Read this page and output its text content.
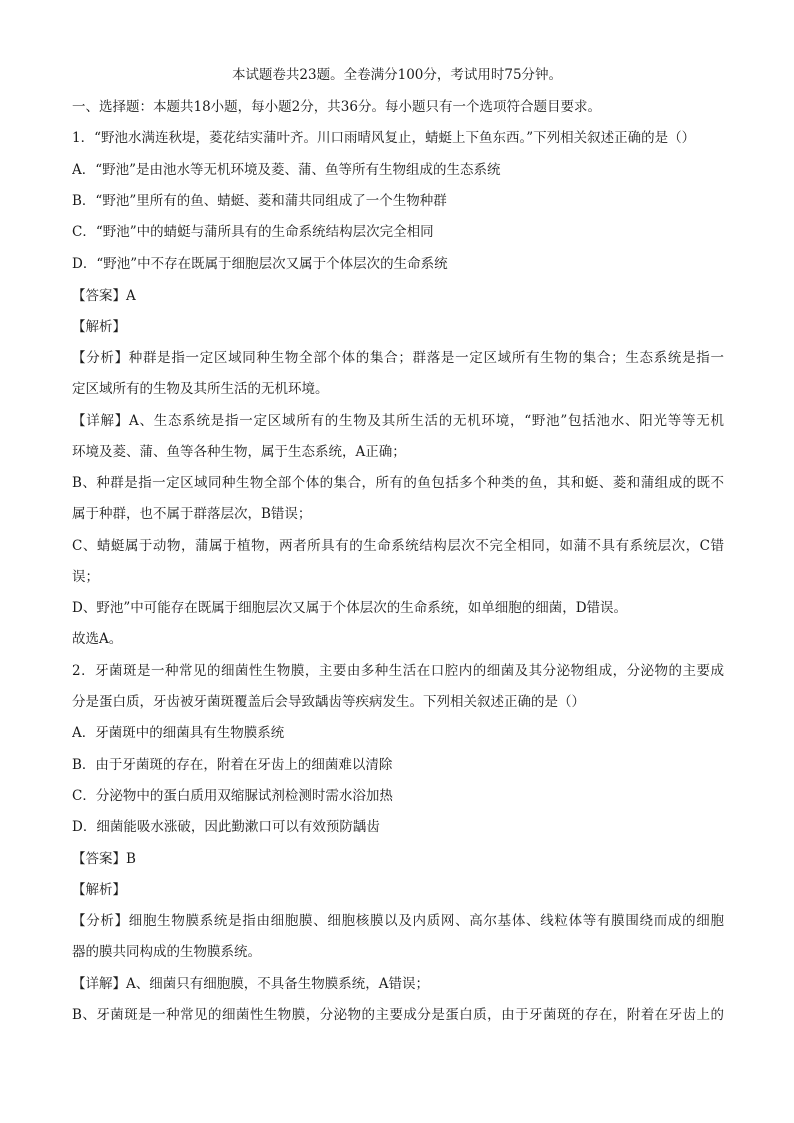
本试题卷共23题。全卷满分100分，考试用时75分钟。
一、选择题：本题共18小题，每小题2分，共36分。每小题只有一个选项符合题目要求。
1．“野池水满连秋堤，菱花结实蒲叶齐。川口雨晴风复止，蜻蜓上下鱼东西。”下列相关叙述正确的是（）
A．“野池”是由池水等无机环境及菱、蒲、鱼等所有生物组成的生态系统
B．“野池”里所有的鱼、蜻蜓、菱和蒲共同组成了一个生物种群
C．“野池”中的蜻蜓与蒲所具有的生命系统结构层次完全相同
D．“野池”中不存在既属于细胞层次又属于个体层次的生命系统
【答案】A
【解析】
【分析】种群是指一定区域同种生物全部个体的集合；群落是一定区域所有生物的集合；生态系统是指一
定区域所有的生物及其所生活的无机环境。
【详解】A、生态系统是指一定区域所有的生物及其所生活的无机环境，“野池”包括池水、阳光等等无机
环境及菱、蒲、鱼等各种生物，属于生态系统，A正确；
B、种群是指一定区域同种生物全部个体的集合，所有的鱼包括多个种类的鱼，其和蜓、菱和蒲组成的既不
属于种群，也不属于群落层次，B错误；
C、蜻蜓属于动物，蒲属于植物，两者所具有的生命系统结构层次不完全相同，如蒲不具有系统层次，C错
误；
D、野池”中可能存在既属于细胞层次又属于个体层次的生命系统，如单细胞的细菌，D错误。
故选A。
2．牙菌斑是一种常见的细菌性生物膜，主要由多种生活在口腔内的细菌及其分泌物组成，分泌物的主要成
分是蛋白质，牙齿被牙菌斑覆盖后会导致龋齿等疾病发生。下列相关叙述正确的是（）
A．牙菌斑中的细菌具有生物膜系统
B．由于牙菌斑的存在，附着在牙齿上的细菌难以清除
C．分泌物中的蛋白质用双缩脲试剂检测时需水浴加热
D．细菌能吸水涨破，因此勤漱口可以有效预防龋齿
【答案】B
【解析】
【分析】细胞生物膜系统是指由细胞膜、细胞核膜以及内质网、高尔基体、线粒体等有膜围绕而成的细胞
器的膜共同构成的生物膜系统。
【详解】A、细菌只有细胞膜，不具备生物膜系统，A错误；
B、牙菌斑是一种常见的细菌性生物膜，分泌物的主要成分是蛋白质，由于牙菌斑的存在，附着在牙齿上的
